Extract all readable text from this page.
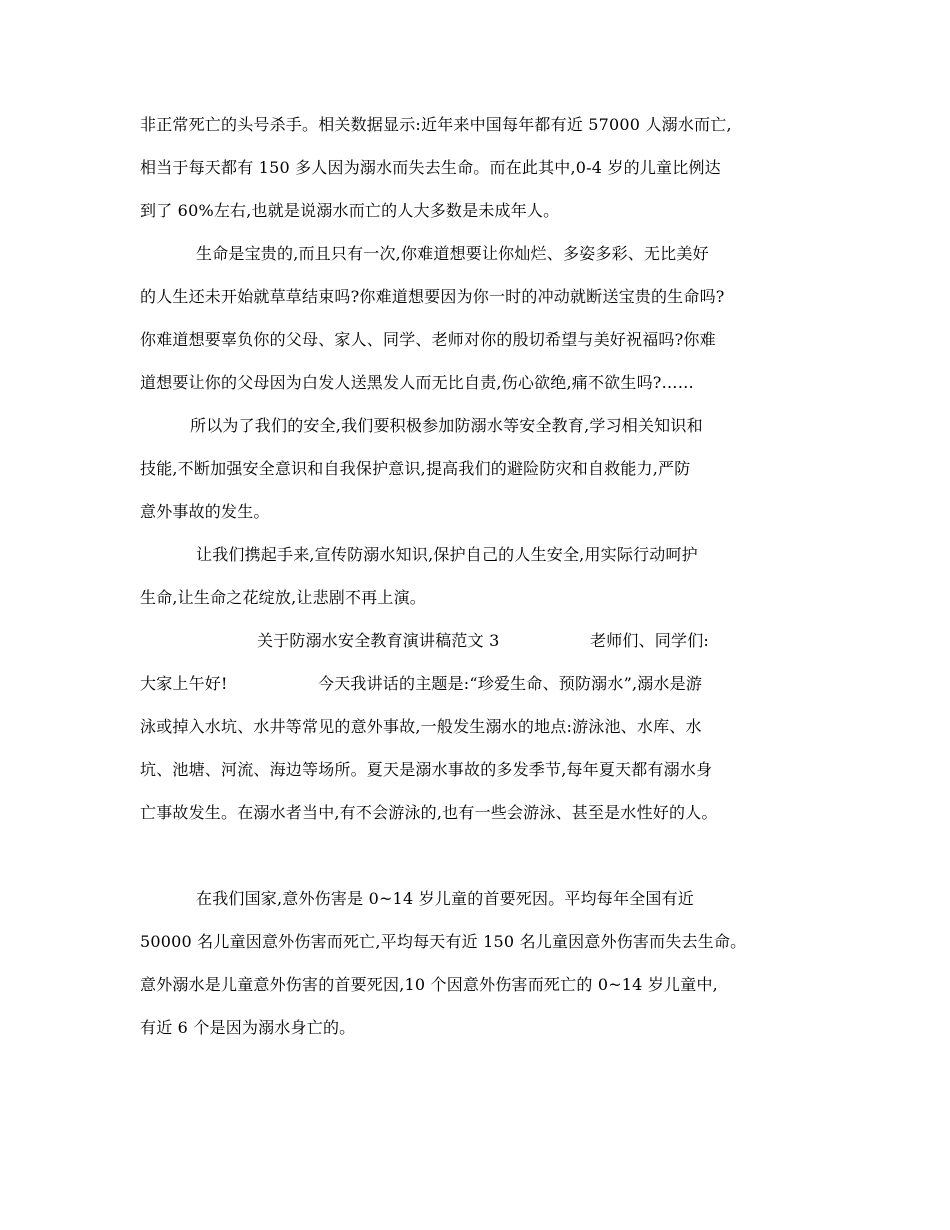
非正常死亡的头号杀手。相关数据显示:近年来中国每年都有近 57000 人溺水而亡,
相当于每天都有 150 多人因为溺水而失去生命。而在此其中,0-4 岁的儿童比例达
到了 60%左右,也就是说溺水而亡的人大多数是未成年人。
生命是宝贵的,而且只有一次,你难道想要让你灿烂、多姿多彩、无比美好
的人生还未开始就草草结束吗?你难道想要因为你一时的冲动就断送宝贵的生命吗?
你难道想要辜负你的父母、家人、同学、老师对你的殷切希望与美好祝福吗?你难
道想要让你的父母因为白发人送黑发人而无比自责,伤心欲绝,痛不欲生吗?……
所以为了我们的安全,我们要积极参加防溺水等安全教育,学习相关知识和
技能,不断加强安全意识和自我保护意识,提高我们的避险防灾和自救能力,严防
意外事故的发生。
让我们携起手来,宣传防溺水知识,保护自己的人生安全,用实际行动呵护
生命,让生命之花绽放,让悲剧不再上演。
关于防溺水安全教育演讲稿范文 3	老师们、同学们:
大家上午好!	今天我讲话的主题是:“珍爱生命、预防溺水”,溺水是游
泳或掉入水坑、水井等常见的意外事故,一般发生溺水的地点:游泳池、水库、水
坑、池塘、河流、海边等场所。夏天是溺水事故的多发季节,每年夏天都有溺水身
亡事故发生。在溺水者当中,有不会游泳的,也有一些会游泳、甚至是水性好的人。
在我们国家,意外伤害是 0~14 岁儿童的首要死因。平均每年全国有近
50000 名儿童因意外伤害而死亡,平均每天有近 150 名儿童因意外伤害而失去生命。
意外溺水是儿童意外伤害的首要死因,10 个因意外伤害而死亡的 0~14 岁儿童中,
有近 6 个是因为溺水身亡的。
